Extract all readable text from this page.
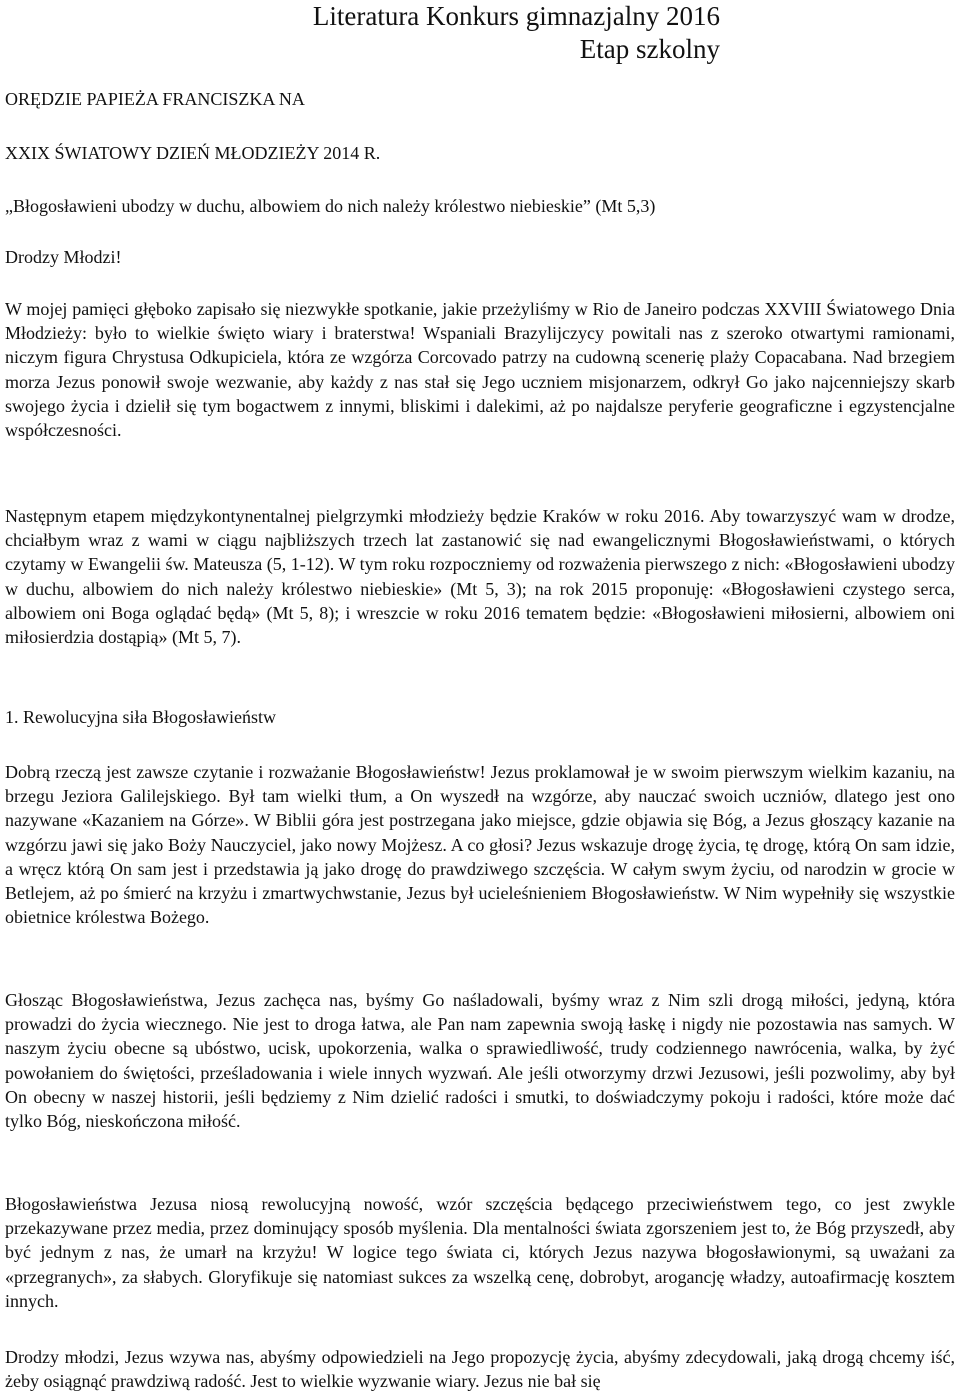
Literatura Konkurs gimnazjalny 2016
Etap szkolny
ORĘDZIE PAPIEŻA FRANCISZKA NA
XXIX ŚWIATOWY DZIEŃ MŁODZIEŻY 2014 R.
„Błogosławieni ubodzy w duchu, albowiem do nich należy królestwo niebieskie” (Mt 5,3)
Drodzy Młodzi!
W mojej pamięci głęboko zapisało się niezwykłe spotkanie, jakie przeżyliśmy w Rio de Janeiro podczas XXVIII Światowego Dnia Młodzieży: było to wielkie święto wiary i braterstwa! Wspaniali Brazylijczycy powitali nas z szeroko otwartymi ramionami, niczym figura Chrystusa Odkupiciela, która ze wzgórza Corcovado patrzy na cudowną scenerię plaży Copacabana. Nad brzegiem morza Jezus ponowił swoje wezwanie, aby każdy z nas stał się Jego uczniem misjonarzem, odkrył Go jako najcenniejszy skarb swojego życia i dzielił się tym bogactwem z innymi, bliskimi i dalekimi, aż po najdalsze peryferie geograficzne i egzystencjalne współczesności.
Następnym etapem międzykontynentalnej pielgrzymki młodzieży będzie Kraków w roku 2016. Aby towarzyszyć wam w drodze, chciałbym wraz z wami w ciągu najbliższych trzech lat zastanowić się nad ewangelicznymi Błogosławieństwami, o których czytamy w Ewangelii św. Mateusza (5, 1-12). W tym roku rozpoczniemy od rozważenia pierwszego z nich: «Błogosławieni ubodzy w duchu, albowiem do nich należy królestwo niebieskie» (Mt 5, 3); na rok 2015 proponuję: «Błogosławieni czystego serca, albowiem oni Boga oglądać będą» (Mt 5, 8); i wreszcie w roku 2016 tematem będzie: «Błogosławieni miłosierni, albowiem oni miłosierdzia dostąpią» (Mt 5, 7).
1. Rewolucyjna siła Błogosławieństw
Dobrą rzeczą jest zawsze czytanie i rozważanie Błogosławieństw! Jezus proklamował je w swoim pierwszym wielkim kazaniu, na brzegu Jeziora Galilejskiego. Był tam wielki tłum, a On wyszedł na wzgórze, aby nauczać swoich uczniów, dlatego jest ono nazywane «Kazaniem na Górze». W Biblii góra jest postrzegana jako miejsce, gdzie objawia się Bóg, a Jezus głoszący kazanie na wzgórzu jawi się jako Boży Nauczyciel, jako nowy Mojżesz. A co głosi? Jezus wskazuje drogę życia, tę drogę, którą On sam idzie, a wręcz którą On sam jest i przedstawia ją jako drogę do prawdziwego szczęścia. W całym swym życiu, od narodzin w grocie w Betlejem, aż po śmierć na krzyżu i zmartwychwstanie, Jezus był ucieleśnieniem Błogosławieństw. W Nim wypełniły się wszystkie obietnice królestwa Bożego.
Głosząc Błogosławieństwa, Jezus zachęca nas, byśmy Go naśladowali, byśmy wraz z Nim szli drogą miłości, jedyną, która prowadzi do życia wiecznego. Nie jest to droga łatwa, ale Pan nam zapewnia swoją łaskę i nigdy nie pozostawia nas samych. W naszym życiu obecne są ubóstwo, ucisk, upokorzenia, walka o sprawiedliwość, trudy codziennego nawrócenia, walka, by żyć powołaniem do świętości, prześladowania i wiele innych wyzwań. Ale jeśli otworzymy drzwi Jezusowi, jeśli pozwolimy, aby był On obecny w naszej historii, jeśli będziemy z Nim dzielić radości i smutki, to doświadczymy pokoju i radości, które może dać tylko Bóg, nieskończona miłość.
Błogosławieństwa Jezusa niosą rewolucyjną nowość, wzór szczęścia będącego przeciwieństwem tego, co jest zwykle przekazywane przez media, przez dominujący sposób myślenia. Dla mentalności świata zgorszeniem jest to, że Bóg przyszedł, aby być jednym z nas, że umarł na krzyżu! W logice tego świata ci, których Jezus nazywa błogosławionymi, są uważani za «przegranych», za słabych. Gloryfikuje się natomiast sukces za wszelką cenę, dobrobyt, arogancję władzy, autoafirmację kosztem innych.
Drodzy młodzi, Jezus wzywa nas, abyśmy odpowiedzieli na Jego propozycję życia, abyśmy zdecydowali, jaką drogą chcemy iść, żeby osiągnąć prawdziwą radość. Jest to wielkie wyzwanie wiary. Jezus nie bał się
